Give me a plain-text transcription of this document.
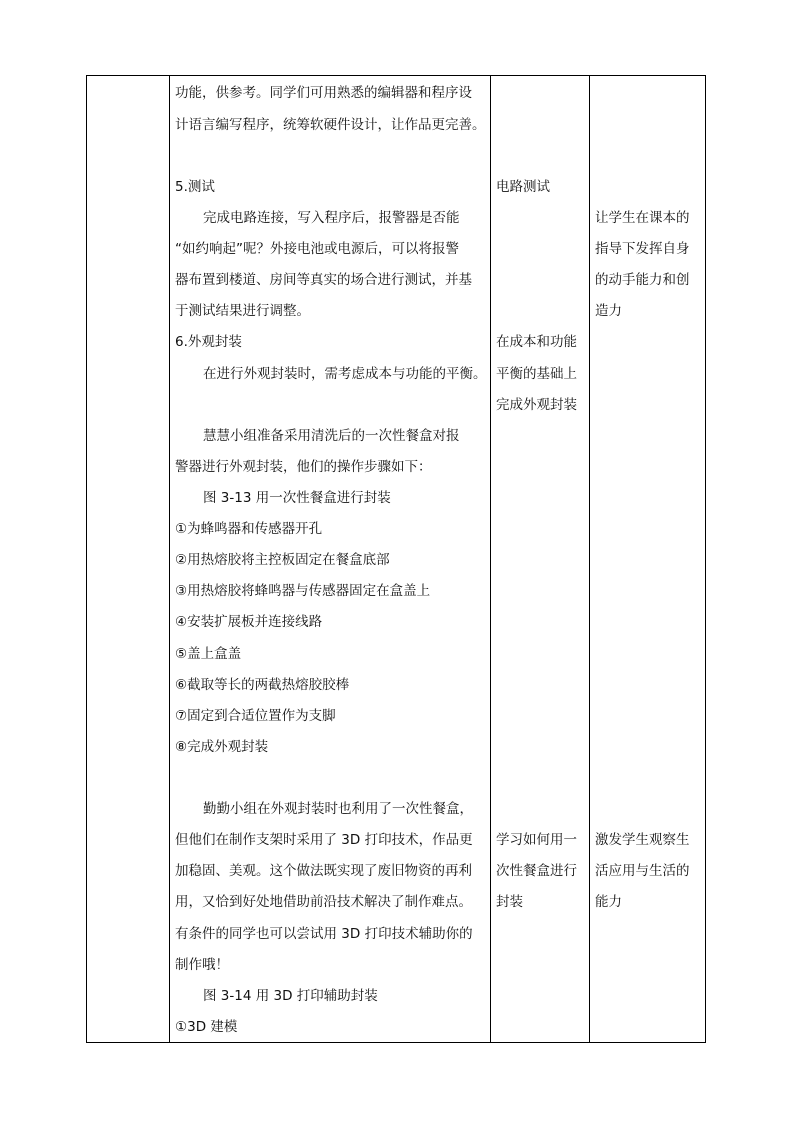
功能，供参考。同学们可用熟悉的编辑器和程序设
计语言编写程序，统筹软硬件设计，让作品更完善。
5.测试
完成电路连接，写入程序后，报警器是否能
“如约响起”呢？外接电池或电源后，可以将报警
器布置到楼道、房间等真实的场合进行测试，并基
于测试结果进行调整。
6.外观封装
在进行外观封装时，需考虑成本与功能的平衡。
慧慧小组准备采用清洗后的一次性餐盒对报
警器进行外观封装，他们的操作步骤如下：
图 3-13 用一次性餐盒进行封装
①为蜂鸣器和传感器开孔
②用热熔胶将主控板固定在餐盒底部
③用热熔胶将蜂鸣器与传感器固定在盒盖上
④安装扩展板并连接线路
⑤盖上盒盖
⑥截取等长的两截热熔胶胶棒
⑦固定到合适位置作为支脚
⑧完成外观封装
勤勤小组在外观封装时也利用了一次性餐盒，
但他们在制作支架时采用了 3D 打印技术，作品更
加稳固、美观。这个做法既实现了废旧物资的再利
用，又恰到好处地借助前沿技术解决了制作难点。
有条件的同学也可以尝试用 3D 打印技术辅助你的
制作哦！
图 3-14 用 3D 打印辅助封装
①3D 建模
电路测试
在成本和功能
平衡的基础上
完成外观封装
学习如何用一
次性餐盒进行
封装
让学生在课本的
指导下发挥自身
的动手能力和创
造力
激发学生观察生
活应用与生活的
能力
